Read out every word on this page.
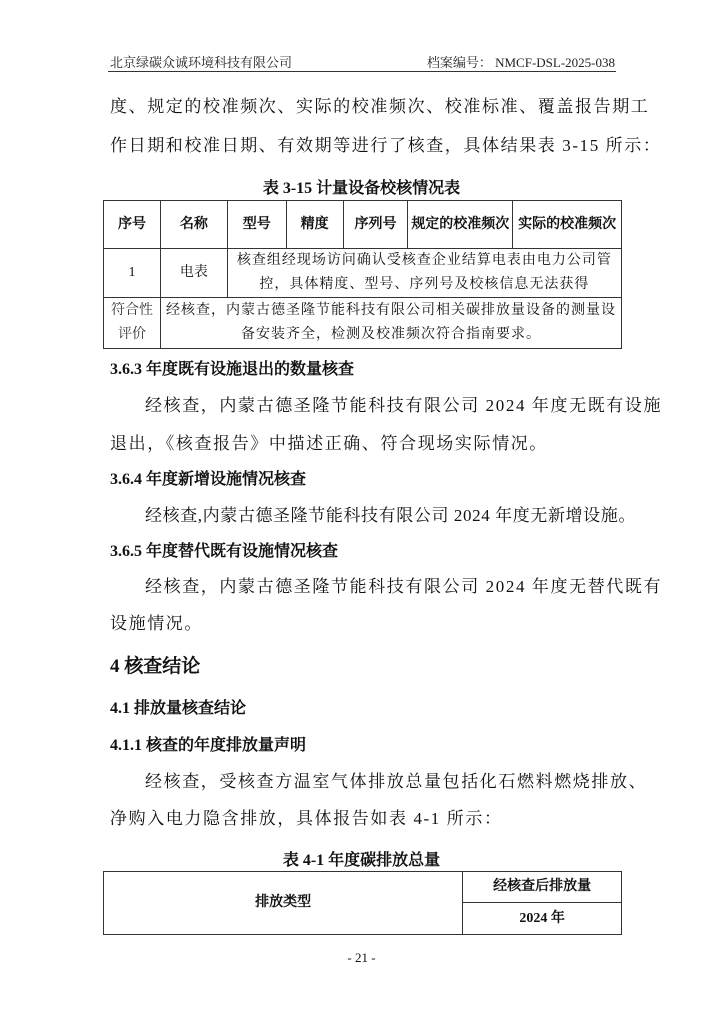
北京绿碳众诚环境科技有限公司	档案编号： NMCF-DSL-2025-038
度、规定的校准频次、实际的校准频次、校准标准、覆盖报告期工
作日期和校准日期、有效期等进行了核查，具体结果表 3-15 所示：
表 3-15 计量设备校核情况表
序号	名称	型号	精度	序列号	规定的校准频次	实际的校准频次
1	电表	核查组经现场访问确认受核查企业结算电表由电力公司管控，具体精度、型号、序列号及校核信息无法获得				
符合性评价	经核查，内蒙古德圣隆节能科技有限公司相关碳排放量设备的测量设备安装齐全，检测及校准频次符合指南要求。					
3.6.3 年度既有设施退出的数量核查
经核查，内蒙古德圣隆节能科技有限公司 2024 年度无既有设施
退出，《核查报告》中描述正确、符合现场实际情况。
3.6.4 年度新增设施情况核查
经核查,内蒙古德圣隆节能科技有限公司 2024 年度无新增设施。
3.6.5 年度替代既有设施情况核查
经核查，内蒙古德圣隆节能科技有限公司 2024 年度无替代既有
设施情况。
4 核查结论
4.1 排放量核查结论
4.1.1 核查的年度排放量声明
经核查，受核查方温室气体排放总量包括化石燃料燃烧排放、
净购入电力隐含排放，具体报告如表 4-1 所示：
表 4-1 年度碳排放总量
排放类型	经核查后排放量
2024 年
- 21 -
